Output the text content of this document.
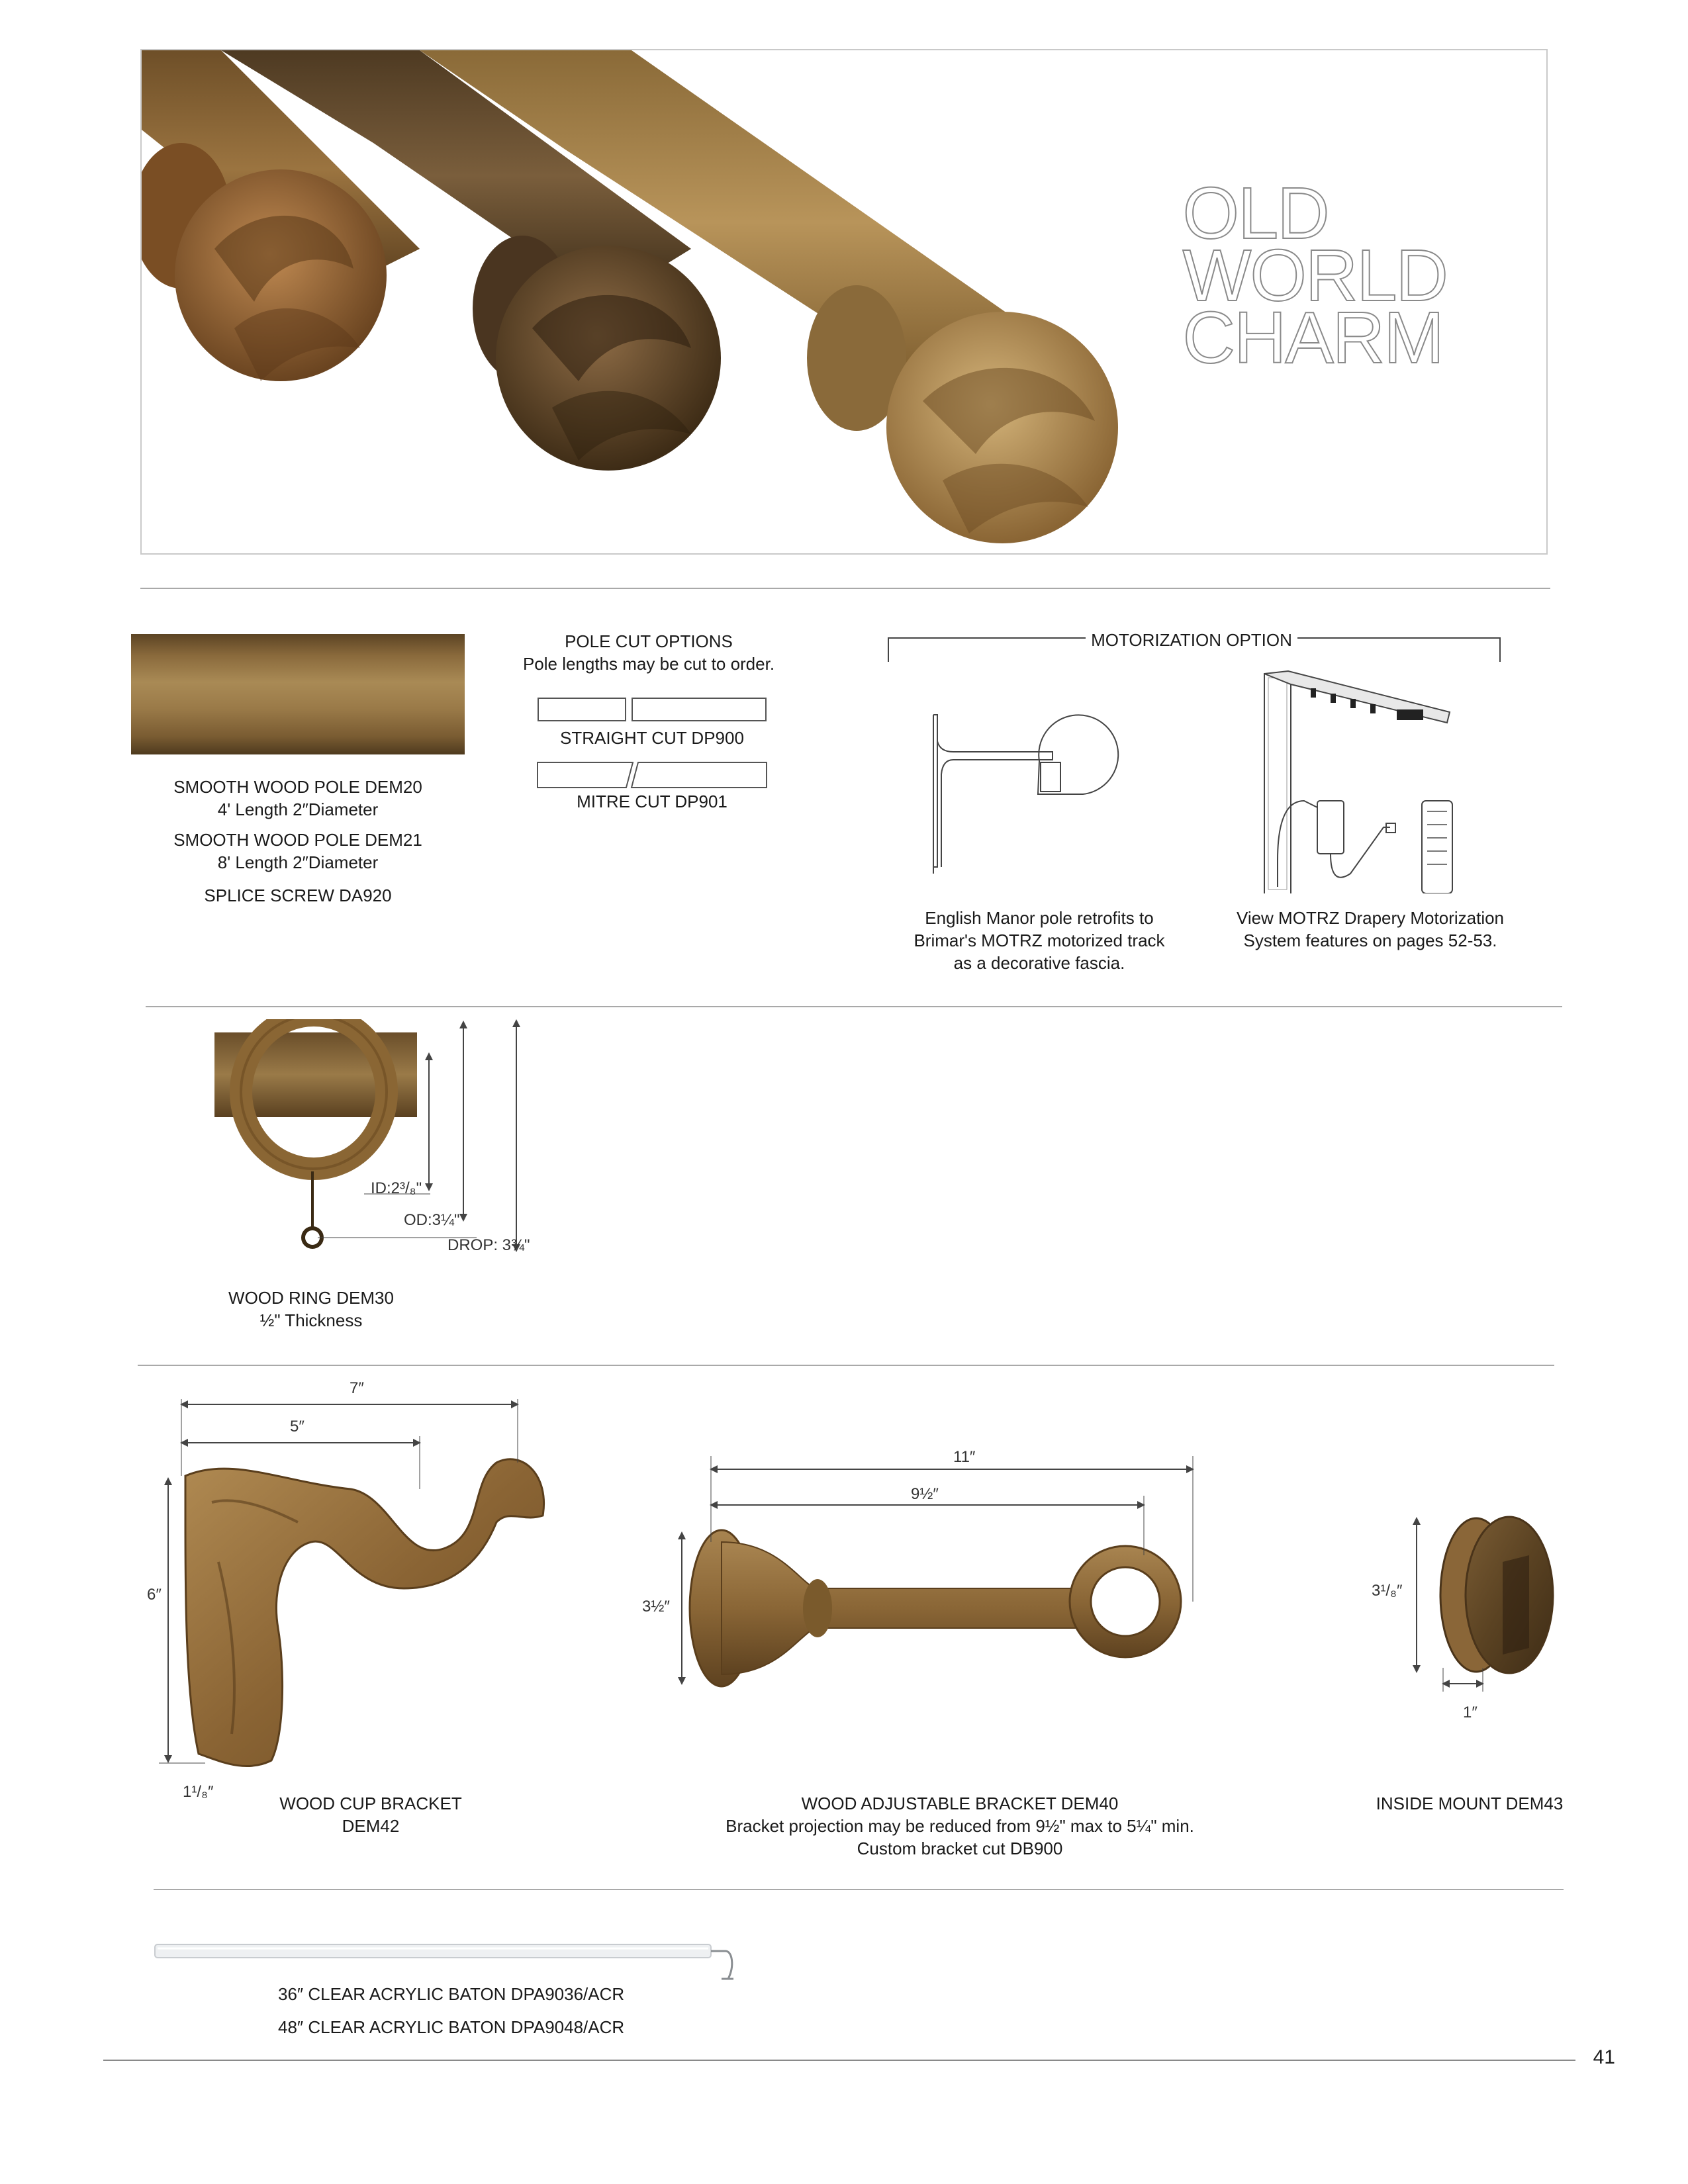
OLD
WORLD
CHARM
SMOOTH WOOD POLE DEM20
4' Length 2″Diameter
SMOOTH WOOD POLE DEM21
8' Length 2″Diameter
SPLICE SCREW DA920
POLE CUT OPTIONS
Pole lengths may be cut to order.
STRAIGHT CUT DP900
MITRE CUT DP901
MOTORIZATION OPTION
English Manor pole retrofits to
Brimar's MOTRZ motorized track
as a decorative fascia.
View MOTRZ Drapery Motorization
System features on pages 52-53.
ID:2³/₈"
OD:3¼"
DROP: 3¾"
WOOD RING DEM30
½" Thickness
7″
5″
6″
1¹/₈″
WOOD CUP BRACKET DEM42
11″
9½″
3½″
WOOD ADJUSTABLE BRACKET DEM40
Bracket projection may be reduced from 9½" max to 5¼" min.
Custom bracket cut DB900
3¹/₈″
1″
INSIDE MOUNT DEM43
36″ CLEAR ACRYLIC BATON DPA9036/ACR
48″ CLEAR ACRYLIC BATON DPA9048/ACR
41
